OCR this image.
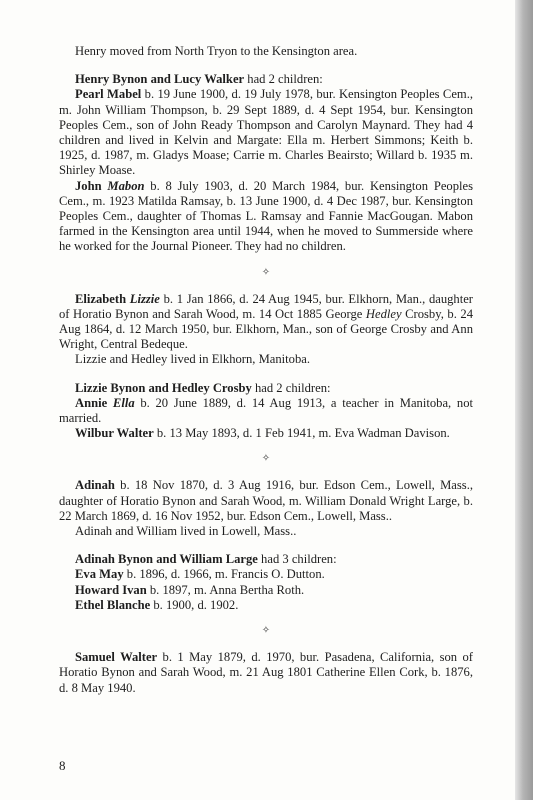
Henry moved from North Tryon to the Kensington area.

Henry Bynon and Lucy Walker had 2 children:

Pearl Mabel b. 19 June 1900, d. 19 July 1978, bur. Kensington Peoples Cem., m. John William Thompson, b. 29 Sept 1889, d. 4 Sept 1954, bur. Kensington Peoples Cem., son of John Ready Thompson and Carolyn Maynard. They had 4 children and lived in Kelvin and Margate: Ella m. Herbert Simmons; Keith b. 1925, d. 1987, m. Gladys Moase; Carrie m. Charles Beairsto; Willard b. 1935 m. Shirley Moase.

John Mabon b. 8 July 1903, d. 20 March 1984, bur. Kensington Peoples Cem., m. 1923 Matilda Ramsay, b. 13 June 1900, d. 4 Dec 1987, bur. Kensington Peoples Cem., daughter of Thomas L. Ramsay and Fannie MacGougan. Mabon farmed in the Kensington area until 1944, when he moved to Summerside where he worked for the Journal Pioneer. They had no children.

✧

Elizabeth Lizzie b. 1 Jan 1866, d. 24 Aug 1945, bur. Elkhorn, Man., daughter of Horatio Bynon and Sarah Wood, m. 14 Oct 1885 George Hedley Crosby, b. 24 Aug 1864, d. 12 March 1950, bur. Elkhorn, Man., son of George Crosby and Ann Wright, Central Bedeque.

Lizzie and Hedley lived in Elkhorn, Manitoba.

Lizzie Bynon and Hedley Crosby had 2 children:

Annie Ella b. 20 June 1889, d. 14 Aug 1913, a teacher in Manitoba, not married.

Wilbur Walter b. 13 May 1893, d. 1 Feb 1941, m. Eva Wadman Davison.

✧

Adinah b. 18 Nov 1870, d. 3 Aug 1916, bur. Edson Cem., Lowell, Mass., daughter of Horatio Bynon and Sarah Wood, m. William Donald Wright Large, b. 22 March 1869, d. 16 Nov 1952, bur. Edson Cem., Lowell, Mass..

Adinah and William lived in Lowell, Mass..

Adinah Bynon and William Large had 3 children:

Eva May b. 1896, d. 1966, m. Francis O. Dutton.

Howard Ivan b. 1897, m. Anna Bertha Roth.

Ethel Blanche b. 1900, d. 1902.

✧

Samuel Walter b. 1 May 1879, d. 1970, bur. Pasadena, California, son of Horatio Bynon and Sarah Wood, m. 21 Aug 1801 Catherine Ellen Cork, b. 1876, d. 8 May 1940.

8
